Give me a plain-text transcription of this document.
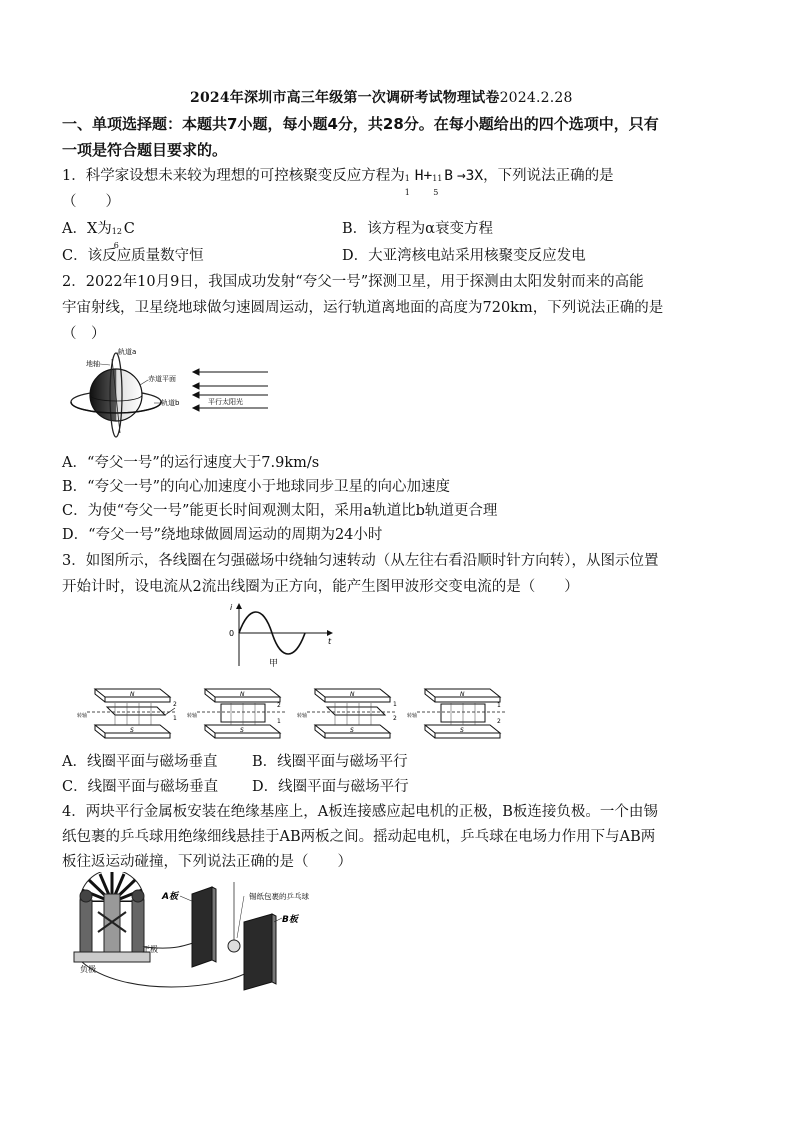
2024年深圳市高三年级第一次调研考试物理试卷2024.2.28
一、单项选择题：本题共7小题，每小题4分，共28分。在每小题给出的四个选项中，只有
一项是符合题目要求的。
1．科学家设想未来较为理想的可控核聚变反应方程为 1
1
H+ 11
5
B →3X，下列说法正确的是
（　　）
A．X为 12
6
C	B．该方程为α衰变方程
C．该反应质量数守恒	D．大亚湾核电站采用核聚变反应发电
2．2022年10月9日，我国成功发射“夸父一号”探测卫星，用于探测由太阳发射而来的高能
宇宙射线，卫星绕地球做匀速圆周运动，运行轨道离地面的高度为720km，下列说法正确的是
（　）
地轴
轨道a
赤道平面
轨道b	平行太阳光
A．“夸父一号”的运行速度大于7.9km/s
B．“夸父一号”的向心加速度小于地球同步卫星的向心加速度
C．为使“夸父一号”能更长时间观测太阳，采用a轨道比b轨道更合理
D．“夸父一号”绕地球做圆周运动的周期为24小时
3．如图所示，各线圈在匀强磁场中绕轴匀速转动（从左往右看沿顺时针方向转），从图示位置
开始计时，设电流从2流出线圈为正方向，能产生图甲波形交变电流的是（　　）
i
0
t
甲
N
S
转轴
2
1
N
S
转轴
2
1
N
S
转轴
1
2
N
S
转轴
1
2
A．线圈平面与磁场垂直 B．线圈平面与磁场平行
C．线圈平面与磁场垂直 D．线圈平面与磁场平行
4．两块平行金属板安装在绝缘基座上，A板连接感应起电机的正极，B板连接负极。一个由锡
纸包裹的乒乓球用绝缘细线悬挂于AB两板之间。摇动起电机，乒乓球在电场力作用下与AB两
板往返运动碰撞，下列说法正确的是（　　）
正极
负极
A板	锡纸包裹的乒乓球
B板
